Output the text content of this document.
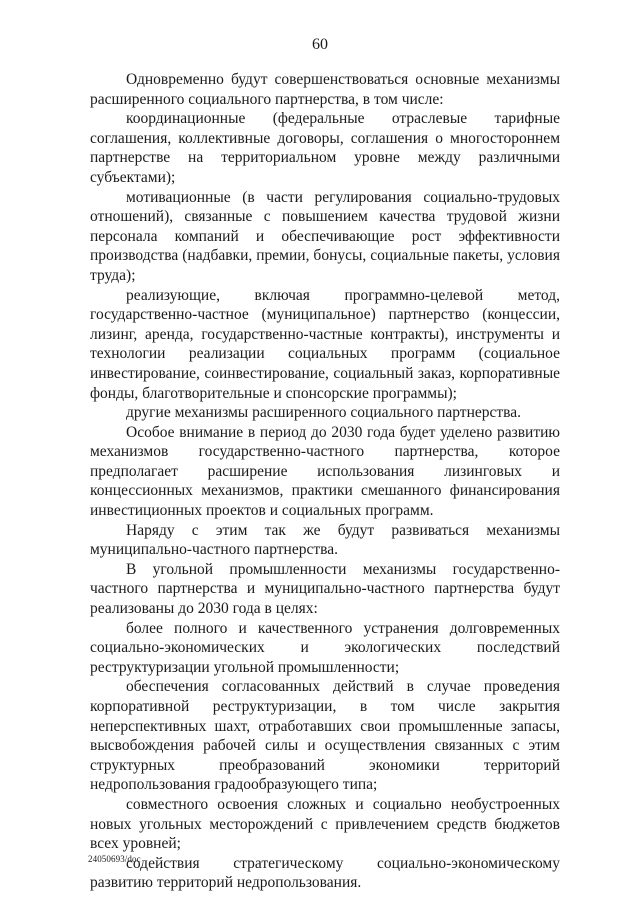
60

Одновременно будут совершенствоваться основные механизмы расширенного социального партнерства, в том числе:

координационные (федеральные отраслевые тарифные соглашения, коллективные договоры, соглашения о многостороннем партнерстве на территориальном уровне между различными субъектами);

мотивационные (в части регулирования социально-трудовых отношений), связанные с повышением качества трудовой жизни персонала компаний и обеспечивающие рост эффективности производства (надбавки, премии, бонусы, социальные пакеты, условия труда);

реализующие, включая программно-целевой метод, государственно-частное (муниципальное) партнерство (концессии, лизинг, аренда, государственно-частные контракты), инструменты и технологии реализации социальных программ (социальное инвестирование, соинвестирование, социальный заказ, корпоративные фонды, благотворительные и спонсорские программы);

другие механизмы расширенного социального партнерства.

Особое внимание в период до 2030 года будет уделено развитию механизмов государственно-частного партнерства, которое предполагает расширение использования лизинговых и концессионных механизмов, практики смешанного финансирования инвестиционных проектов и социальных программ.

Наряду с этим так же будут развиваться механизмы муниципально-частного партнерства.

В угольной промышленности механизмы государственно-частного партнерства и муниципально-частного партнерства будут реализованы до 2030 года в целях:

более полного и качественного устранения долговременных социально-экономических и экологических последствий реструктуризации угольной промышленности;

обеспечения согласованных действий в случае проведения корпоративной реструктуризации, в том числе закрытия неперспективных шахт, отработавших свои промышленные запасы, высвобождения рабочей силы и осуществления связанных с этим структурных преобразований экономики территорий недропользования градообразующего типа;

совместного освоения сложных и социально необустроенных новых угольных месторождений с привлечением средств бюджетов всех уровней;

содействия стратегическому социально-экономическому развитию территорий недропользования.

24050693/doc
